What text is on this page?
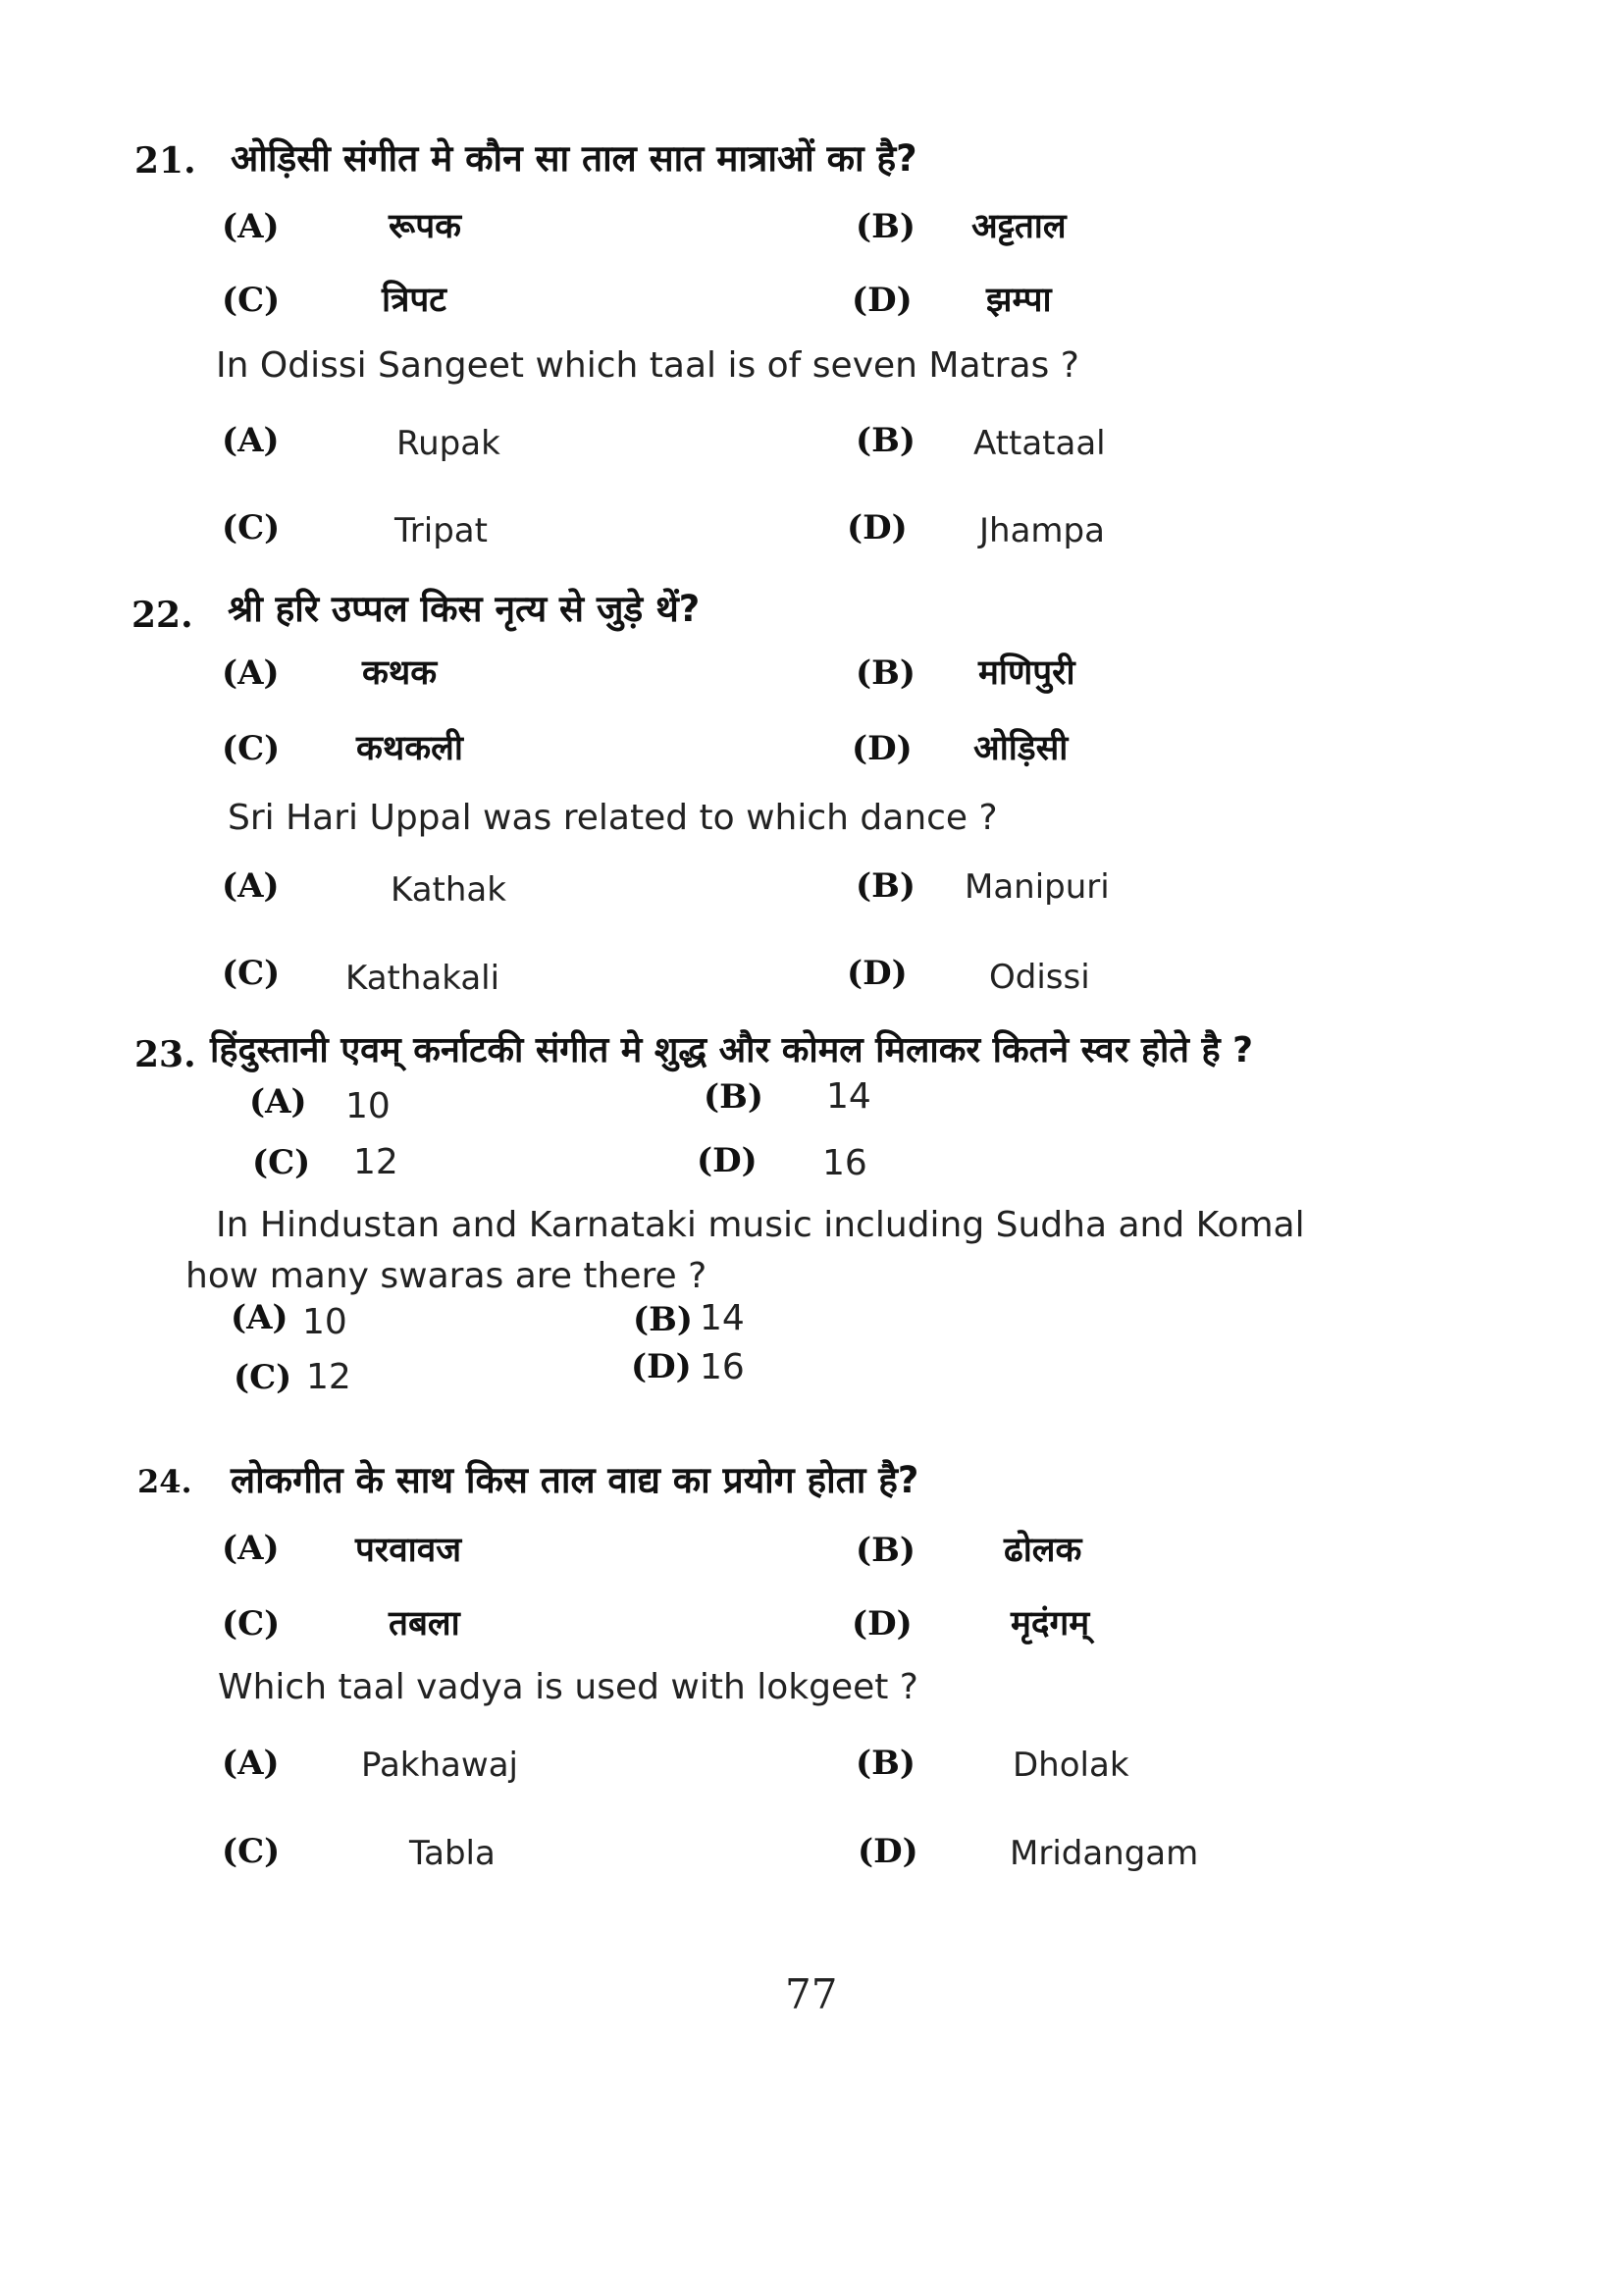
21. ओड़िसी संगीत मे कौन सा ताल सात मात्राओं का है?
(A)	रूपक	(B) अट्टताल
(C)	त्रिपट	(D) झम्पा
In Odissi Sangeet which taal is of seven Matras ?
(A)	Rupak	(B) Attataal
(C)	Tripat	(D) Jhampa
22. श्री हरि उप्पल किस नृत्य से जुड़े थें?
(A) कथक	(B) मणिपुरी
(C) कथकली	(D) ओड़िसी
Sri Hari Uppal was related to which dance ?
(A)	Kathak	(B) Manipuri
(C) Kathakali	(D) Odissi
23. हिंदुस्तानी एवम् कर्नाटकी संगीत मे शुद्ध और कोमल मिलाकर कितने स्वर होते है ?
(A) 10	(B) 14
(C) 12	(D) 16
In Hindustan and Karnataki music including Sudha and Komal
how many swaras are there ?
(A) 10	(B) 14
(C) 12	(D) 16
24. लोकगीत के साथ किस ताल वाद्य का प्रयोग होता है?
(A) परवावज	(B)	ढोलक
(C)	तबला	(D)	मृदंगम्
Which taal vadya is used with lokgeet ?
(A) Pakhawaj	(B)	Dholak
(C)	Tabla	(D)	Mridangam
77
